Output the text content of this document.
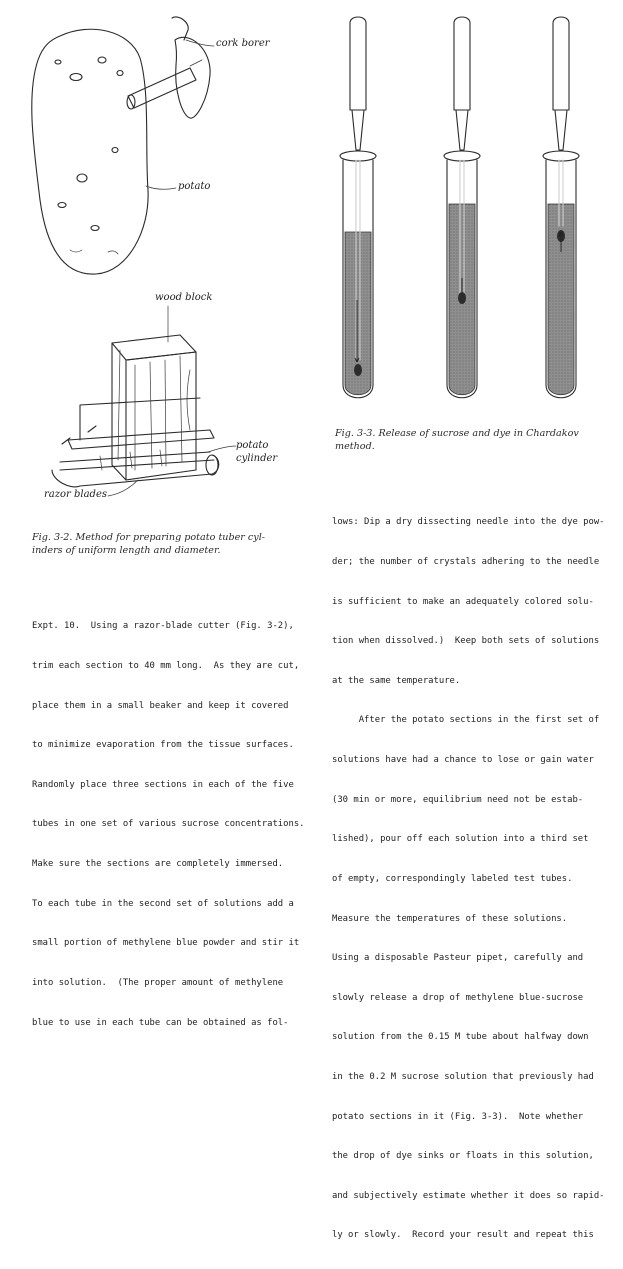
cork borer
potato
wood block
potato
cylinder
razor blades
Fig. 3-2. Method for preparing potato tuber cyl-
inders of uniform length and diameter.
Fig. 3-3. Release of sucrose and dye in Chardakov
method.

Expt. 10.  Using a razor-blade cutter (Fig. 3-2),

trim each section to 40 mm long.  As they are cut,

place them in a small beaker and keep it covered

to minimize evaporation from the tissue surfaces.

Randomly place three sections in each of the five

tubes in one set of various sucrose concentrations.

Make sure the sections are completely immersed.

To each tube in the second set of solutions add a

small portion of methylene blue powder and stir it

into solution.  (The proper amount of methylene

blue to use in each tube can be obtained as fol-

lows: Dip a dry dissecting needle into the dye pow-

der; the number of crystals adhering to the needle

is sufficient to make an adequately colored solu-

tion when dissolved.)  Keep both sets of solutions

at the same temperature.

After the potato sections in the first set of

solutions have had a chance to lose or gain water

(30 min or more, equilibrium need not be estab-

lished), pour off each solution into a third set

of empty, correspondingly labeled test tubes.

Measure the temperatures of these solutions.

Using a disposable Pasteur pipet, carefully and

slowly release a drop of methylene blue-sucrose

solution from the 0.15 M tube about halfway down

in the 0.2 M sucrose solution that previously had

potato sections in it (Fig. 3-3).  Note whether

the drop of dye sinks or floats in this solution,

and subjectively estimate whether it does so rapid-

ly or slowly.  Record your result and repeat this
